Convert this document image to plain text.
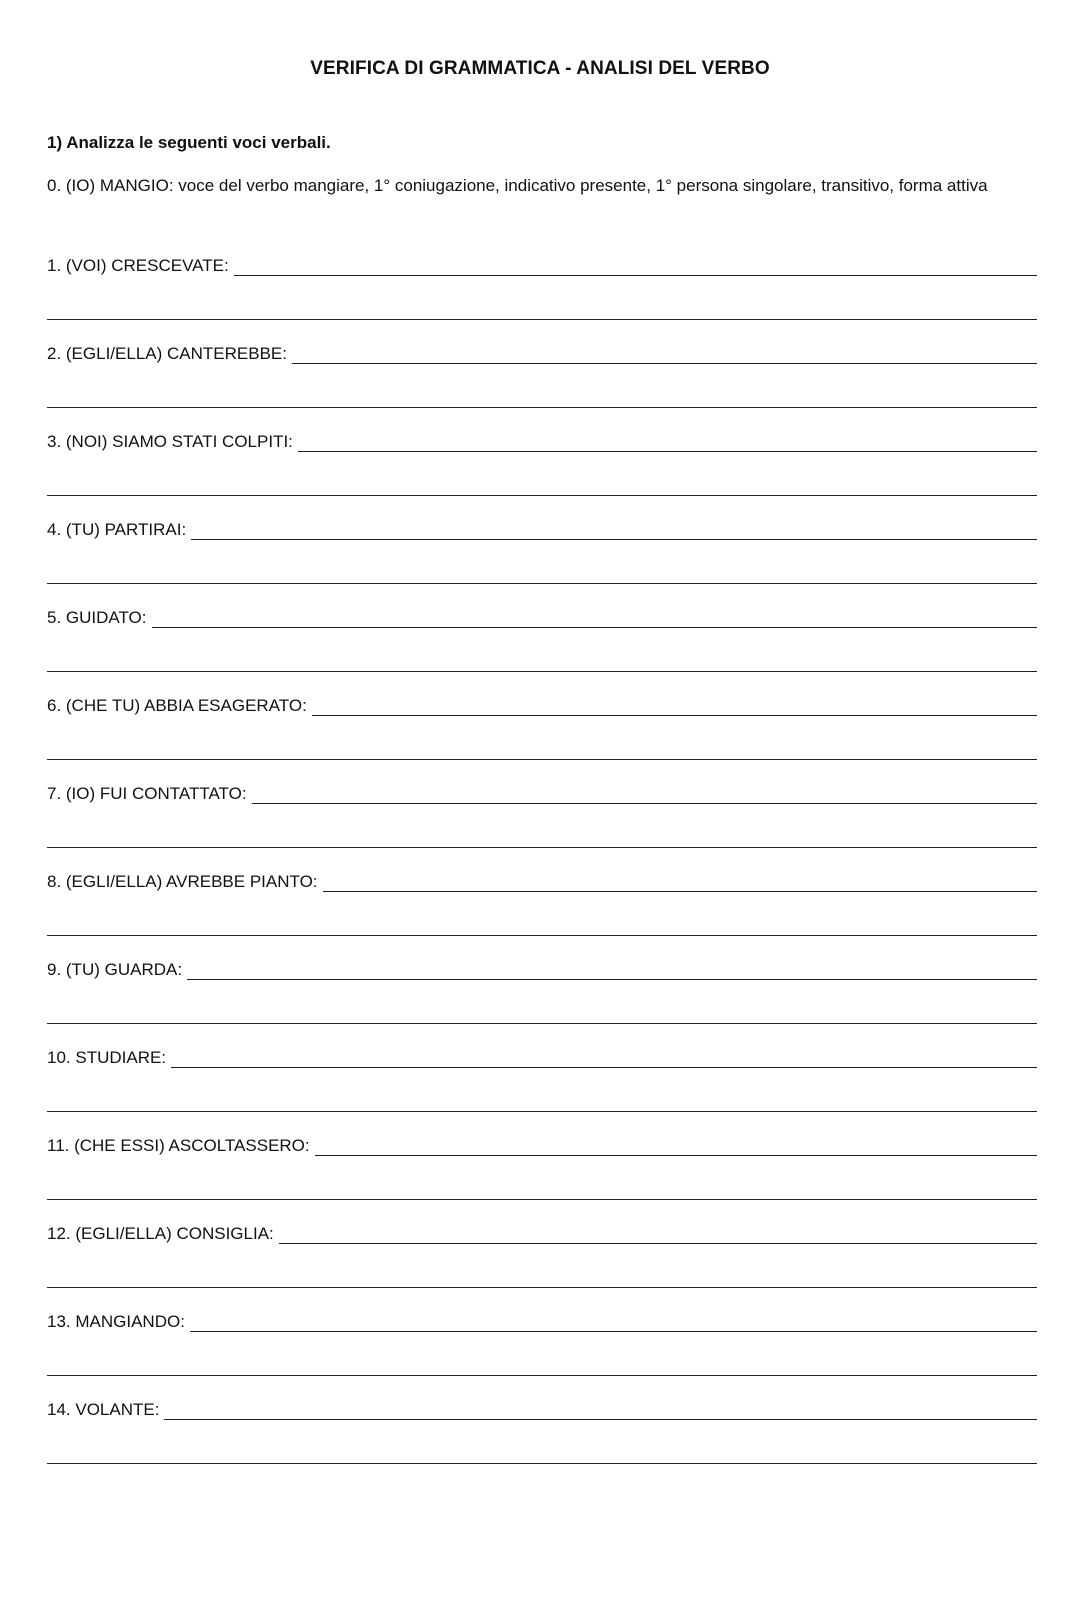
VERIFICA DI GRAMMATICA - ANALISI DEL VERBO
1) Analizza le seguenti voci verbali.
0. (IO) MANGIO: voce del verbo mangiare, 1° coniugazione, indicativo presente, 1° persona singolare, transitivo, forma attiva
1. (VOI) CRESCEVATE:
2. (EGLI/ELLA) CANTEREBBE:
3. (NOI) SIAMO STATI COLPITI:
4. (TU) PARTIRAI:
5. GUIDATO:
6. (CHE TU) ABBIA ESAGERATO:
7. (IO) FUI CONTATTATO:
8. (EGLI/ELLA) AVREBBE PIANTO:
9. (TU) GUARDA:
10. STUDIARE:
11. (CHE ESSI) ASCOLTASSERO:
12. (EGLI/ELLA) CONSIGLIA:
13. MANGIANDO:
14. VOLANTE:
